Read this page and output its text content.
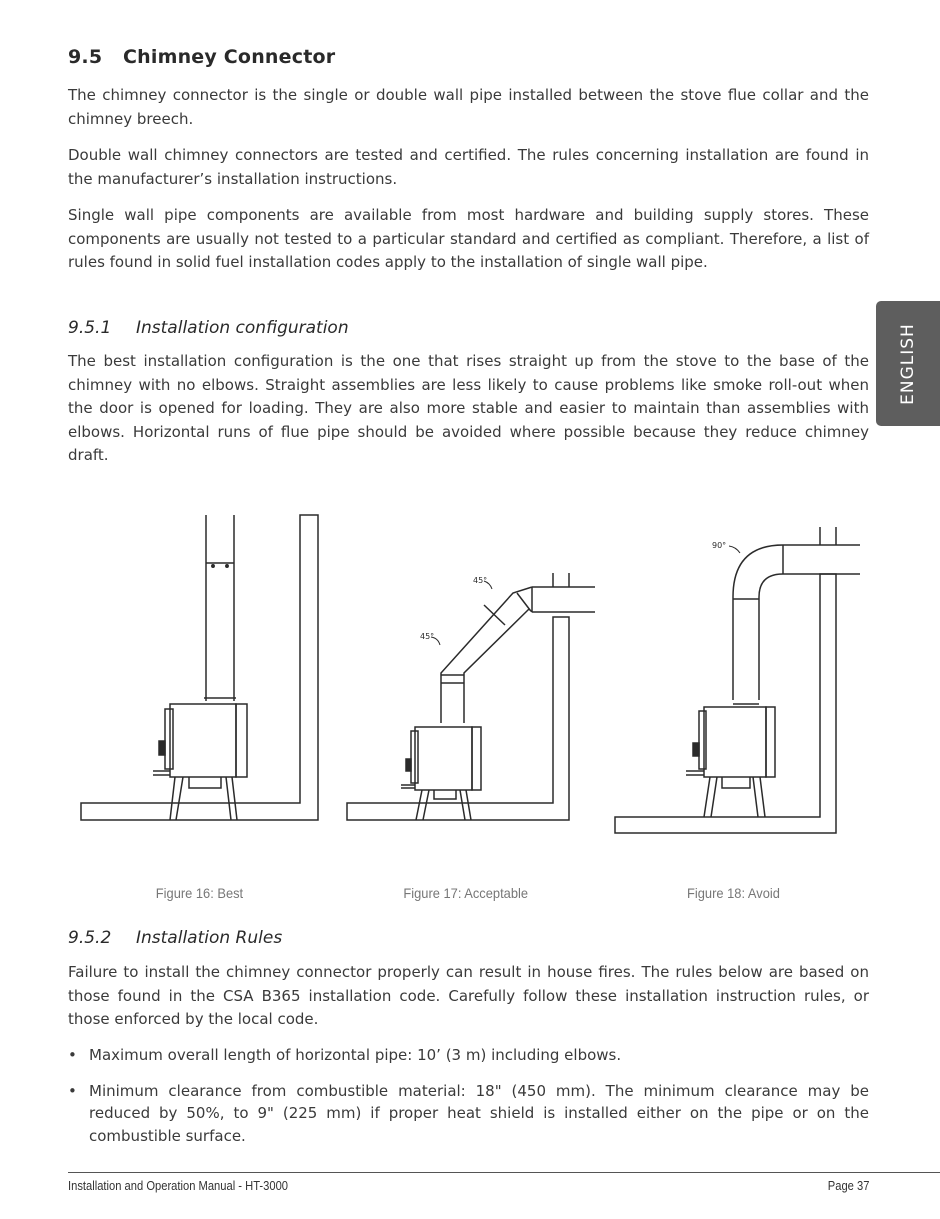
9.5 Chimney Connector

The chimney connector is the single or double wall pipe installed between the stove flue collar and the chimney breech.

Double wall chimney connectors are tested and certified. The rules concerning installation are found in the manufacturer’s installation instructions.

Single wall pipe components are available from most hardware and building supply stores. These components are usually not tested to a particular standard and certified as compliant. Therefore, a list of rules found in solid fuel installation codes apply to the installation of single wall pipe.

9.5.1 Installation configuration

The best installation configuration is the one that rises straight up from the stove to the base of the chimney with no elbows. Straight assemblies are less likely to cause problems like smoke roll-out when the door is opened for loading. They are also more stable and easier to maintain than assemblies with elbows. Horizontal runs of flue pipe should be avoided where possible because they reduce chimney draft.

ENGLISH
45°
45°
90°
Figure 16: Best	Figure 17: Acceptable	Figure 18: Avoid
9.5.2 Installation Rules

Failure to install the chimney connector properly can result in house fires. The rules below are based on those found in the CSA B365 installation code. Carefully follow these installation instruction rules, or those enforced by the local code.

• Maximum overall length of horizontal pipe: 10’ (3 m) including elbows.
• Minimum clearance from combustible material: 18" (450 mm). The minimum clearance may be reduced by 50%, to 9" (225 mm) if proper heat shield is installed either on the pipe or on the combustible surface.
Installation and Operation Manual - HT-3000	Page 37
